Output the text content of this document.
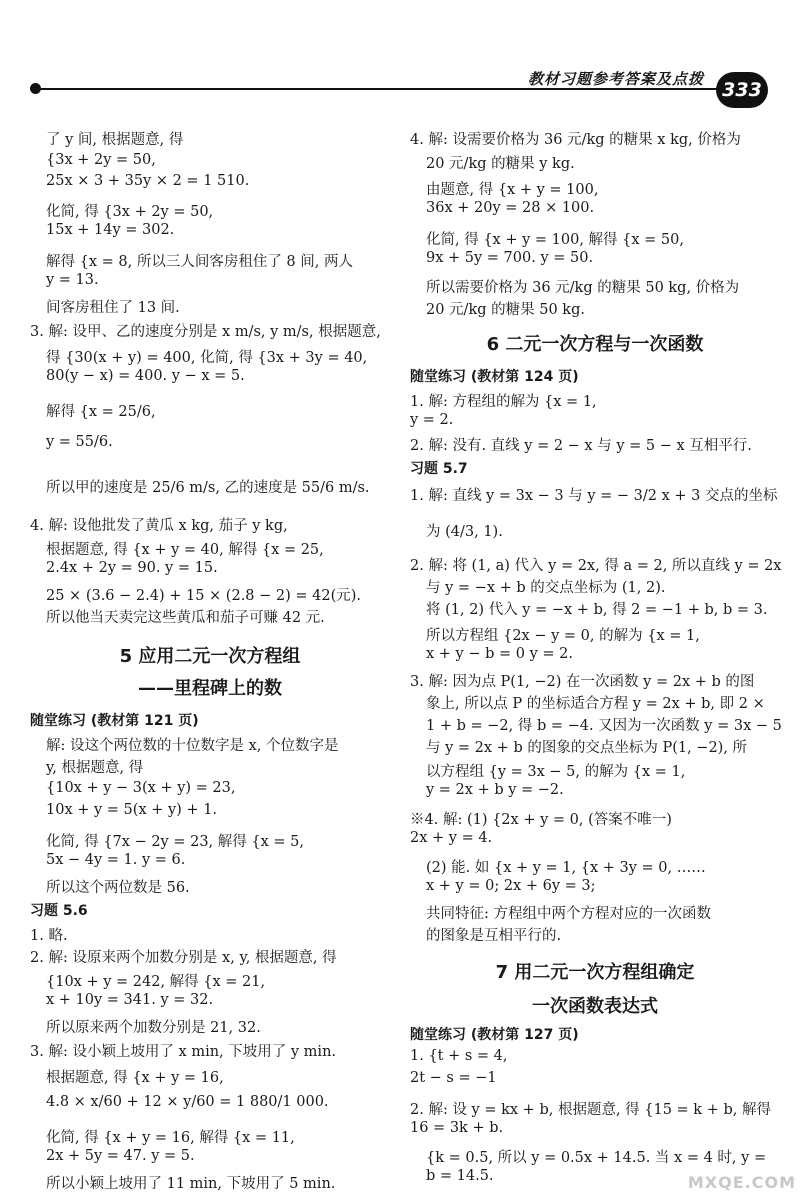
教材习题参考答案及点拨 333
了 y 间, 根据题意, 得
{3x + 2y = 50,
25x × 3 + 35y × 2 = 1 510.
化简, 得 {3x + 2y = 50,
15x + 14y = 302.
解得 {x = 8, 所以三人间客房租住了 8 间, 两人
y = 13.
间客房租住了 13 间.
3. 解: 设甲、乙的速度分别是 x m/s, y m/s, 根据题意,
得 {30(x + y) = 400, 化简, 得 {3x + 3y = 40,
80(y − x) = 400. y − x = 5.
解得 {x = 25/6,
y = 55/6.
所以甲的速度是 25/6 m/s, 乙的速度是 55/6 m/s.
4. 解: 设他批发了黄瓜 x kg, 茄子 y kg,
根据题意, 得 {x + y = 40, 解得 {x = 25,
2.4x + 2y = 90. y = 15.
25 × (3.6 − 2.4) + 15 × (2.8 − 2) = 42(元).
所以他当天卖完这些黄瓜和茄子可赚 42 元.
5 应用二元一次方程组
——里程碑上的数
随堂练习 (教材第 121 页)
解: 设这个两位数的十位数字是 x, 个位数字是
y, 根据题意, 得
{10x + y − 3(x + y) = 23,
10x + y = 5(x + y) + 1.
化简, 得 {7x − 2y = 23, 解得 {x = 5,
5x − 4y = 1. y = 6.
所以这个两位数是 56.
习题 5.6
1. 略.
2. 解: 设原来两个加数分别是 x, y, 根据题意, 得
{10x + y = 242, 解得 {x = 21,
x + 10y = 341. y = 32.
所以原来两个加数分别是 21, 32.
3. 解: 设小颖上坡用了 x min, 下坡用了 y min.
根据题意, 得 {x + y = 16,
4.8 × x/60 + 12 × y/60 = 1 880/1 000.
化简, 得 {x + y = 16, 解得 {x = 11,
2x + 5y = 47. y = 5.
所以小颖上坡用了 11 min, 下坡用了 5 min.
4. 解: 设需要价格为 36 元/kg 的糖果 x kg, 价格为
20 元/kg 的糖果 y kg.
由题意, 得 {x + y = 100,
36x + 20y = 28 × 100.
化简, 得 {x + y = 100, 解得 {x = 50,
9x + 5y = 700. y = 50.
所以需要价格为 36 元/kg 的糖果 50 kg, 价格为
20 元/kg 的糖果 50 kg.
6 二元一次方程与一次函数
随堂练习 (教材第 124 页)
1. 解: 方程组的解为 {x = 1,
y = 2.
2. 解: 没有. 直线 y = 2 − x 与 y = 5 − x 互相平行.
习题 5.7
1. 解: 直线 y = 3x − 3 与 y = − 3/2 x + 3 交点的坐标
为 (4/3, 1).
2. 解: 将 (1, a) 代入 y = 2x, 得 a = 2, 所以直线 y = 2x
与 y = −x + b 的交点坐标为 (1, 2).
将 (1, 2) 代入 y = −x + b, 得 2 = −1 + b, b = 3.
所以方程组 {2x − y = 0, 的解为 {x = 1,
x + y − b = 0 y = 2.
3. 解: 因为点 P(1, −2) 在一次函数 y = 2x + b 的图
象上, 所以点 P 的坐标适合方程 y = 2x + b, 即 2 ×
1 + b = −2, 得 b = −4. 又因为一次函数 y = 3x − 5
与 y = 2x + b 的图象的交点坐标为 P(1, −2), 所
以方程组 {y = 3x − 5, 的解为 {x = 1,
y = 2x + b y = −2.
※4. 解: (1) {2x + y = 0, (答案不唯一)
2x + y = 4.
(2) 能. 如 {x + y = 1, {x + 3y = 0, ……
x + y = 0; 2x + 6y = 3;
共同特征: 方程组中两个方程对应的一次函数
的图象是互相平行的.
7 用二元一次方程组确定
一次函数表达式
随堂练习 (教材第 127 页)
1. {t + s = 4,
2t − s = −1
2. 解: 设 y = kx + b, 根据题意, 得 {15 = k + b, 解得
16 = 3k + b.
{k = 0.5, 所以 y = 0.5x + 14.5. 当 x = 4 时, y =
b = 14.5.	MXQE.COM
